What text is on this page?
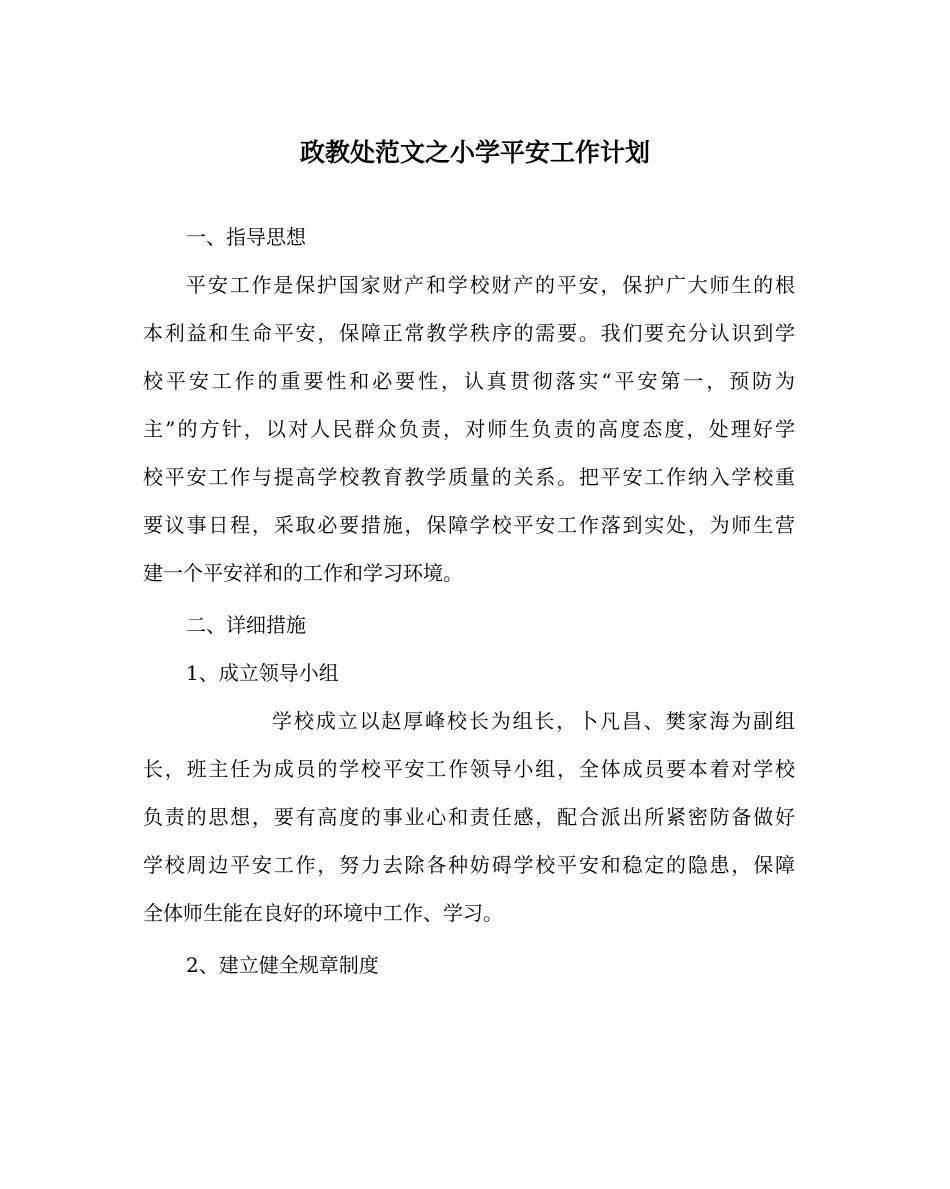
政教处范文之小学平安工作计划
一、指导思想
平安工作是保护国家财产和学校财产的平安，保护广大师生的根
本利益和生命平安，保障正常教学秩序的需要。我们要充分认识到学
校平安工作的重要性和必要性，认真贯彻落实“平安第一，预防为
主”的方针，以对人民群众负责，对师生负责的高度态度，处理好学
校平安工作与提高学校教育教学质量的关系。把平安工作纳入学校重
要议事日程，采取必要措施，保障学校平安工作落到实处，为师生营
建一个平安祥和的工作和学习环境。
二、详细措施
1、成立领导小组
学校成立以赵厚峰校长为组长，卜凡昌、樊家海为副组
长，班主任为成员的学校平安工作领导小组，全体成员要本着对学校
负责的思想，要有高度的事业心和责任感，配合派出所紧密防备做好
学校周边平安工作，努力去除各种妨碍学校平安和稳定的隐患，保障
全体师生能在良好的环境中工作、学习。
2、建立健全规章制度
